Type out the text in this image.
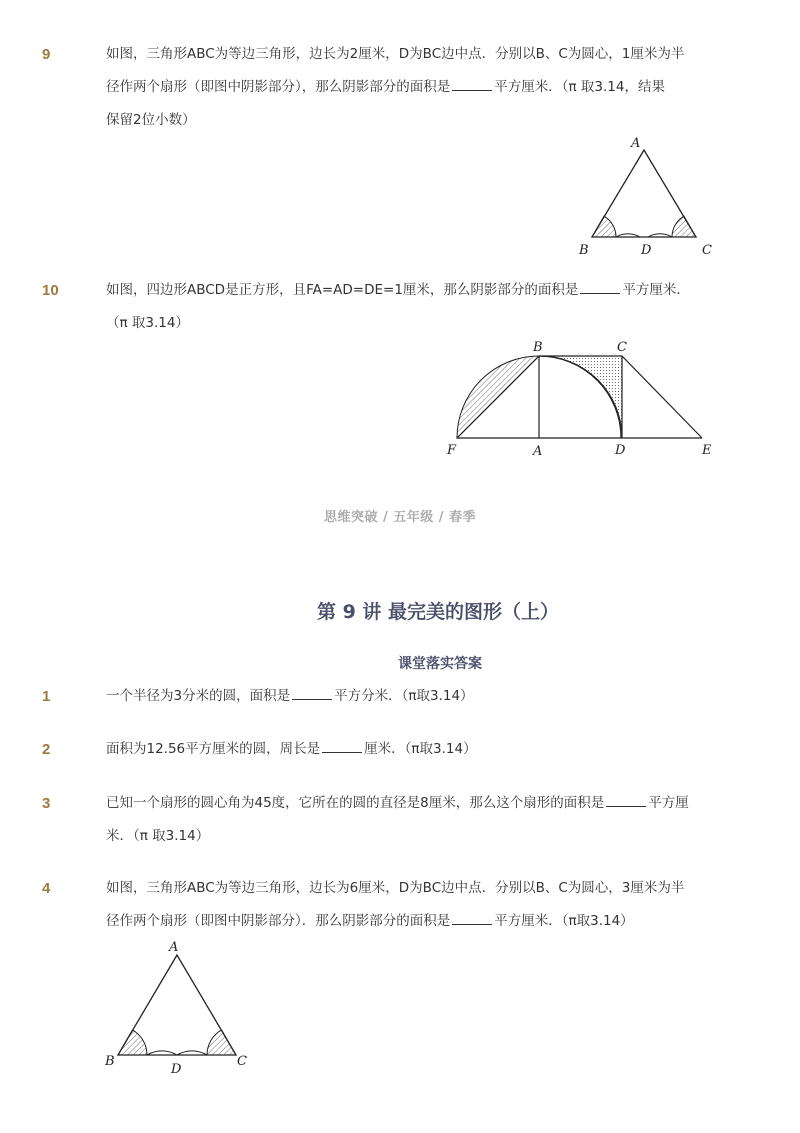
9	如图，三角形ABC为等边三角形，边长为2厘米，D为BC边中点．分别以B、C为圆心，1厘米为半
径作两个扇形（即图中阴影部分），那么阴影部分的面积是	平方厘米．（π 取3.14，结果
保留2位小数）
A
B	D	C
10	如图，四边形ABCD是正方形，且FA=AD=DE=1厘米，那么阴影部分的面积是	平方厘米．
（π 取3.14）
F	A	D	E
B	C
思维突破 / 五年级 / 春季
第 9 讲 最完美的图形（上）
课堂落实答案
1	一个半径为3分米的圆，面积是	平方分米．（π取3.14）
2	面积为12.56平方厘米的圆，周长是	厘米．（π取3.14）
3	已知一个扇形的圆心角为45度，它所在的圆的直径是8厘米，那么这个扇形的面积是	平方厘
米．（π 取3.14）
4	如图，三角形ABC为等边三角形，边长为6厘米，D为BC边中点．分别以B、C为圆心，3厘米为半
径作两个扇形（即图中阴影部分）．那么阴影部分的面积是	平方厘米．（π取3.14）
A
B
D
C
